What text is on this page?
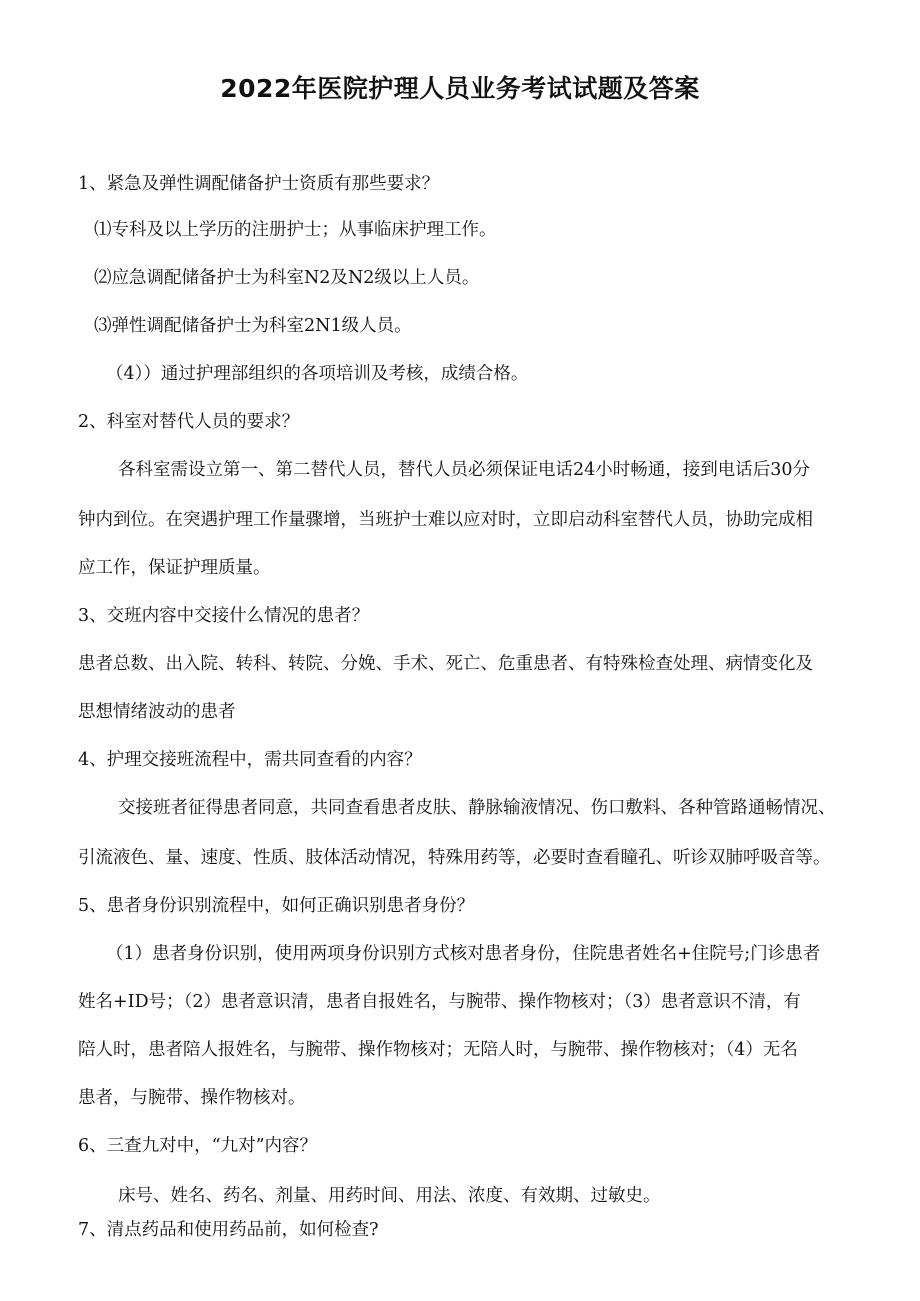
2022年医院护理人员业务考试试题及答案

1、紧急及弹性调配储备护士资质有那些要求？

⑴专科及以上学历的注册护士；从事临床护理工作。

⑵应急调配储备护士为科室N2及N2级以上人员。

⑶弹性调配储备护士为科室2N1级人员。

（4））通过护理部组织的各项培训及考核，成绩合格。

2、科室对替代人员的要求？

各科室需设立第一、第二替代人员，替代人员必须保证电话24小时畅通，接到电话后30分

钟内到位。在突遇护理工作量骤增，当班护士难以应对时，立即启动科室替代人员，协助完成相

应工作，保证护理质量。

3、交班内容中交接什么情况的患者？

患者总数、出入院、转科、转院、分娩、手术、死亡、危重患者、有特殊检查处理、病情变化及

思想情绪波动的患者

4、护理交接班流程中，需共同查看的内容？

交接班者征得患者同意，共同查看患者皮肤、静脉输液情况、伤口敷料、各种管路通畅情况、

引流液色、量、速度、性质、肢体活动情况，特殊用药等，必要时查看瞳孔、听诊双肺呼吸音等。

5、患者身份识别流程中，如何正确识别患者身份？

（1）患者身份识别，使用两项身份识别方式核对患者身份，住院患者姓名+住院号;门诊患者

姓名+ID号；（2）患者意识清，患者自报姓名，与腕带、操作物核对；（3）患者意识不清，有

陪人时，患者陪人报姓名，与腕带、操作物核对；无陪人时，与腕带、操作物核对；（4）无名

患者，与腕带、操作物核对。

6、三查九对中，“九对”内容？

床号、姓名、药名、剂量、用药时间、用法、浓度、有效期、过敏史。

7、清点药品和使用药品前，如何检查?
